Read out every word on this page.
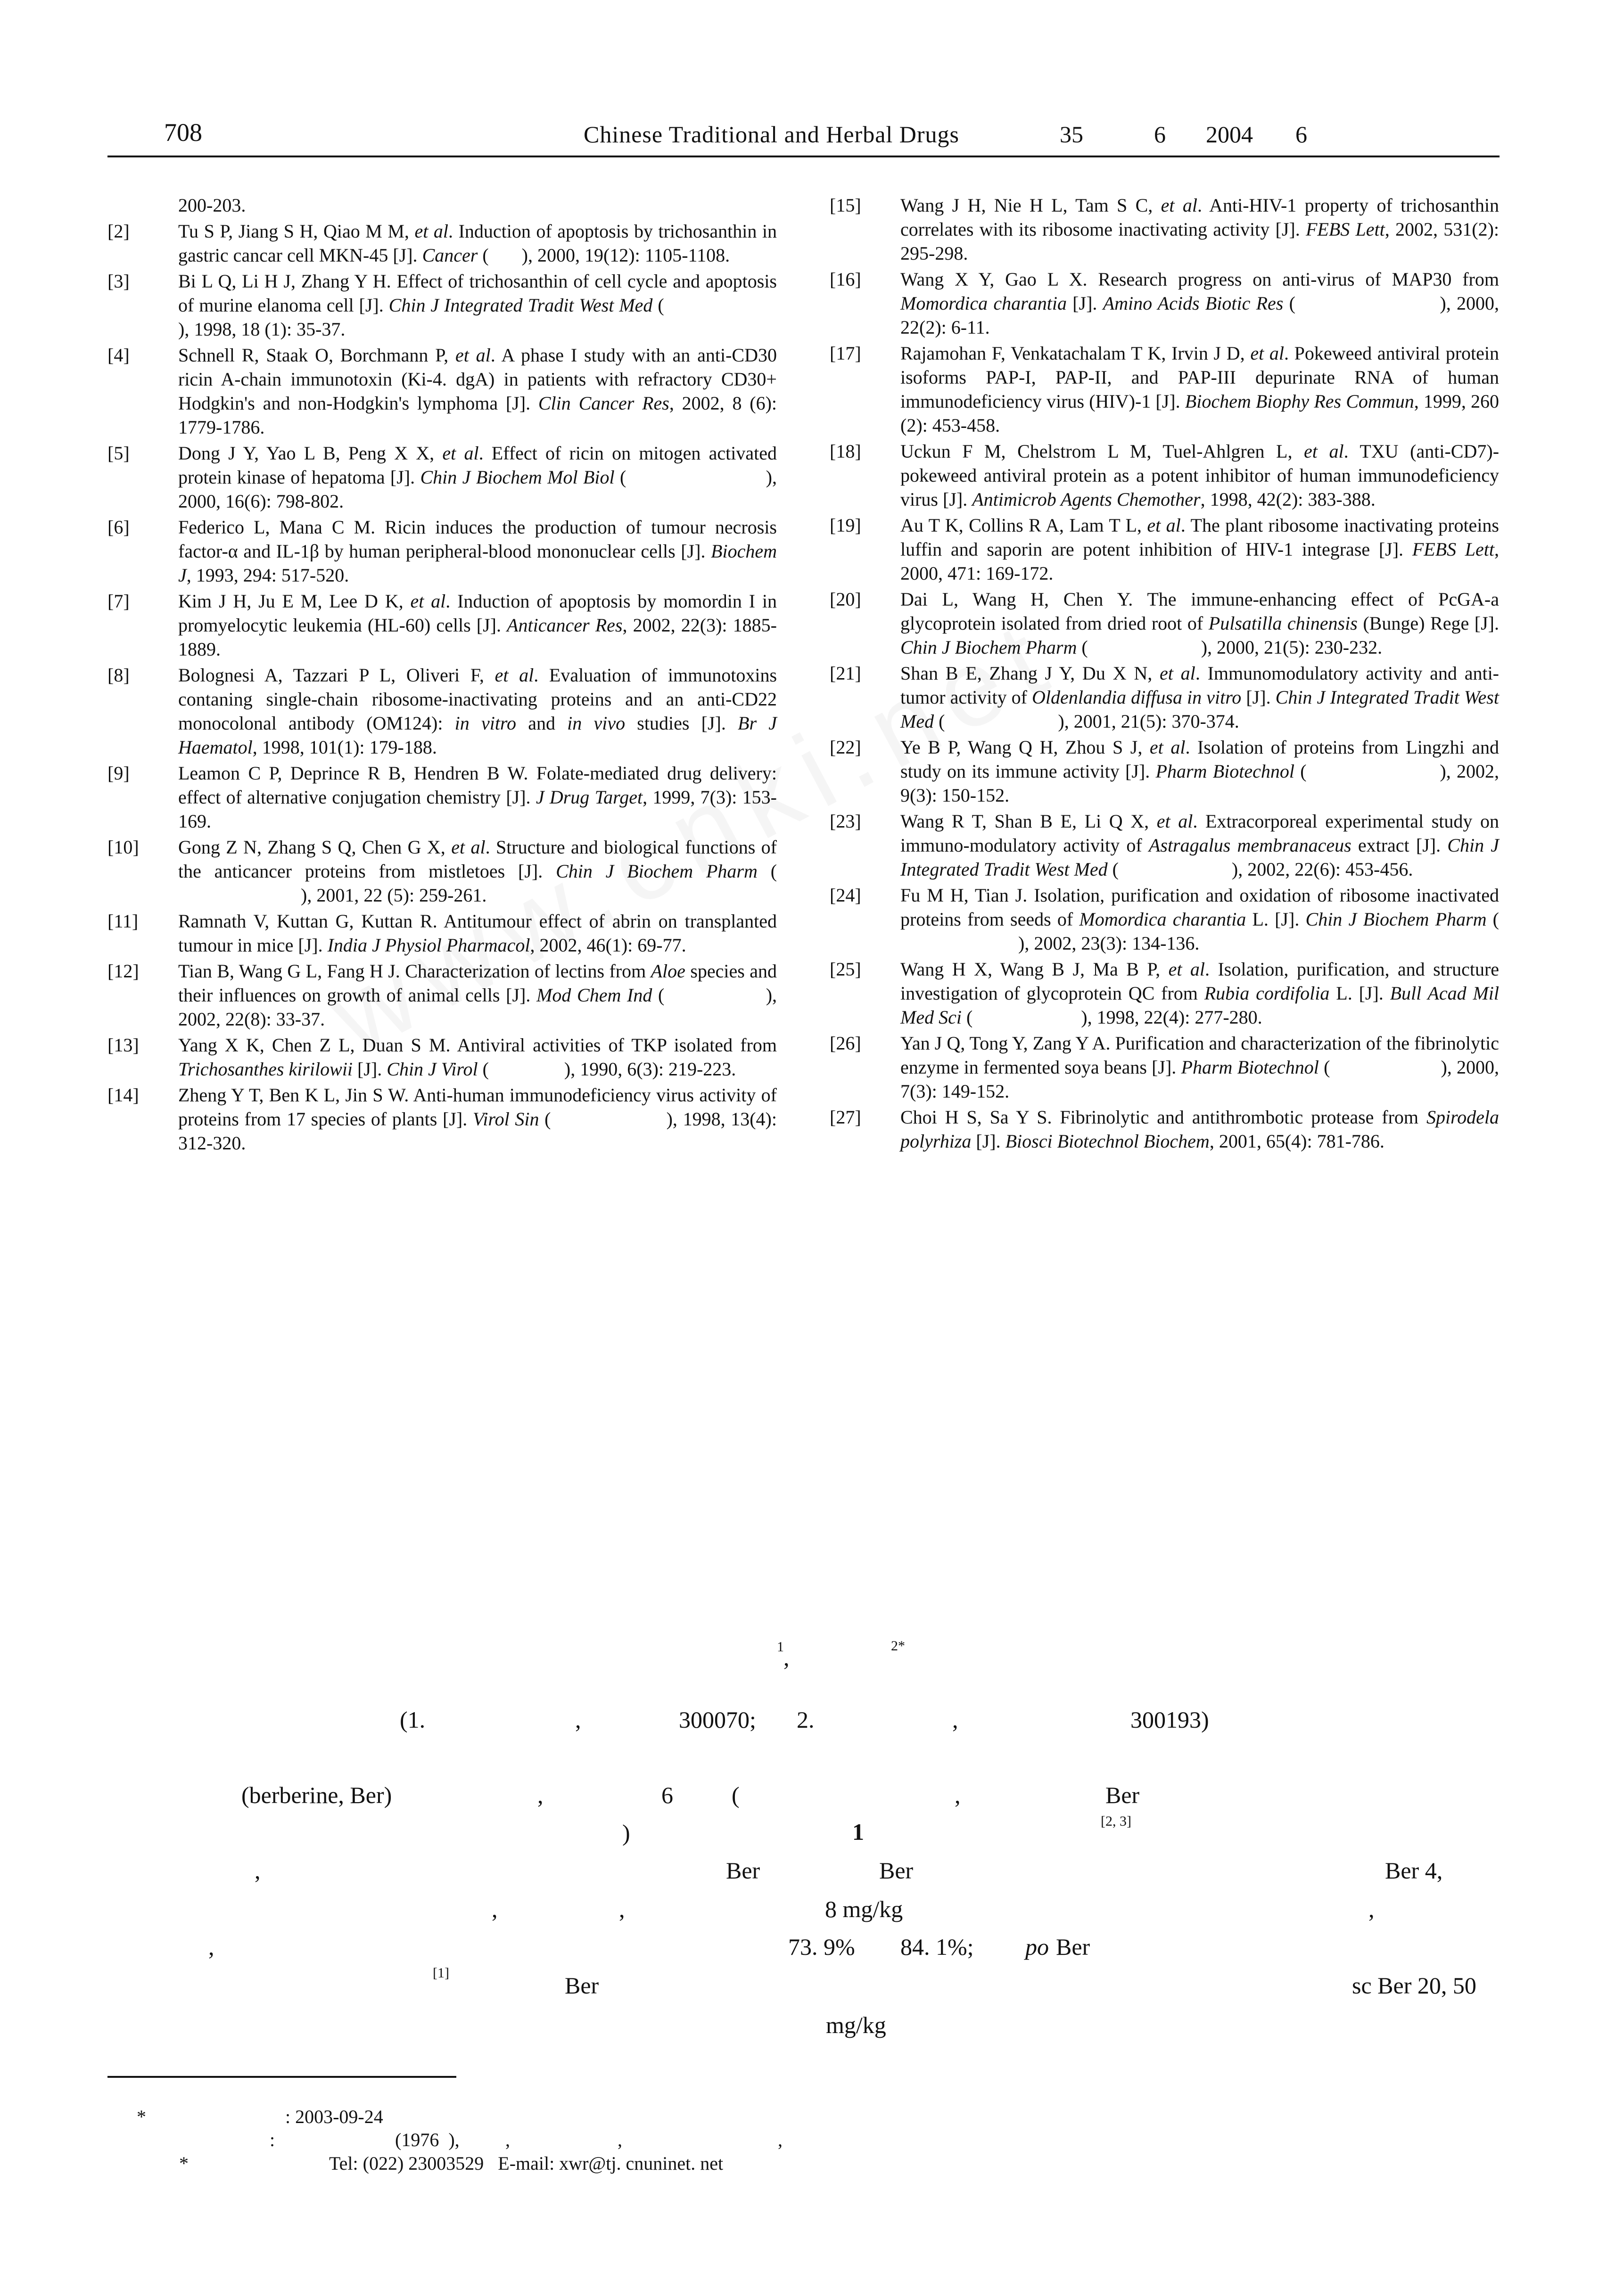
708	Chinese Traditional and Herbal Drugs	35	6 2004 6
200-203.
[2]	Tu S P, Jiang S H, Qiao M M, et al. Induction of apoptosis by trichosanthin in gastric cancar cell MKN-45 [J]. Cancer (       ), 2000, 19(12): 1105-1108.
[3]	Bi L Q, Li H J, Zhang Y H. Effect of trichosanthin of cell cycle and apoptosis of murine elanoma cell [J]. Chin J Integrated Tradit West Med (                       ), 1998, 18 (1): 35-37.
[4]	Schnell R, Staak O, Borchmann P, et al. A phase I study with an anti-CD30 ricin A-chain immunotoxin (Ki-4. dgA) in patients with refractory CD30+ Hodgkin's and non-Hodgkin's lymphoma [J]. Clin Cancer Res, 2002, 8 (6): 1779-1786.
[5]	Dong J Y, Yao L B, Peng X X, et al. Effect of ricin on mitogen activated protein kinase of hepatoma [J]. Chin J Biochem Mol Biol (                          ), 2000, 16(6): 798-802.
[6]	Federico L, Mana C M. Ricin induces the production of tumour necrosis factor-α and IL-1β by human peripheral-blood mononuclear cells [J]. Biochem J, 1993, 294: 517-520.
[7]	Kim J H, Ju E M, Lee D K, et al. Induction of apoptosis by momordin I in promyelocytic leukemia (HL-60) cells [J]. Anticancer Res, 2002, 22(3): 1885-1889.
[8]	Bolognesi A, Tazzari P L, Oliveri F, et al. Evaluation of immunotoxins contaning single-chain ribosome-inactivating proteins and an anti-CD22 monocolonal antibody (OM124): in vitro and in vivo studies [J]. Br J Haematol, 1998, 101(1): 179-188.
[9]	Leamon C P, Deprince R B, Hendren B W. Folate-mediated drug delivery: effect of alternative conjugation chemistry [J]. J Drug Target, 1999, 7(3): 153-169.
[10]	Gong Z N, Zhang S Q, Chen G X, et al. Structure and biological functions of the anticancer proteins from mistletoes [J]. Chin J Biochem Pharm (                           ), 2001, 22 (5): 259-261.
[11]	Ramnath V, Kuttan G, Kuttan R. Antitumour effect of abrin on transplanted tumour in mice [J]. India J Physiol Pharmacol, 2002, 46(1): 69-77.
[12]	Tian B, Wang G L, Fang H J. Characterization of lectins from Aloe species and their influences on growth of animal cells [J]. Mod Chem Ind (                 ), 2002, 22(8): 33-37.
[13]	Yang X K, Chen Z L, Duan S M. Antiviral activities of TKP isolated from Trichosanthes kirilowii [J]. Chin J Virol (                ), 1990, 6(3): 219-223.
[14]	Zheng Y T, Ben K L, Jin S W. Anti-human immunodeficiency virus activity of proteins from 17 species of plants [J]. Virol Sin (                     ), 1998, 13(4): 312-320.
[15]	Wang J H, Nie H L, Tam S C, et al. Anti-HIV-1 property of trichosanthin correlates with its ribosome inactivating activity [J]. FEBS Lett, 2002, 531(2): 295-298.
[16]	Wang X Y, Gao L X. Research progress on anti-virus of MAP30 from Momordica charantia [J]. Amino Acids Biotic Res (                         ), 2000, 22(2): 6-11.
[17]	Rajamohan F, Venkatachalam T K, Irvin J D, et al. Pokeweed antiviral protein isoforms PAP-I, PAP-II, and PAP-III depurinate RNA of human immunodeficiency virus (HIV)-1 [J]. Biochem Biophy Res Commun, 1999, 260 (2): 453-458.
[18]	Uckun F M, Chelstrom L M, Tuel-Ahlgren L, et al. TXU (anti-CD7)-pokeweed antiviral protein as a potent inhibitor of human immunodeficiency virus [J]. Antimicrob Agents Chemother, 1998, 42(2): 383-388.
[19]	Au T K, Collins R A, Lam T L, et al. The plant ribosome inactivating proteins luffin and saporin are potent inhibition of HIV-1 integrase [J]. FEBS Lett, 2000, 471: 169-172.
[20]	Dai L, Wang H, Chen Y. The immune-enhancing effect of PcGA-a glycoprotein isolated from dried root of Pulsatilla chinensis (Bunge) Rege [J]. Chin J Biochem Pharm (                        ), 2000, 21(5): 230-232.
[21]	Shan B E, Zhang J Y, Du X N, et al. Immunomodulatory activity and anti-tumor activity of Oldenlandia diffusa in vitro [J]. Chin J Integrated Tradit West Med (                        ), 2001, 21(5): 370-374.
[22]	Ye B P, Wang Q H, Zhou S J, et al. Isolation of proteins from Lingzhi and study on its immune activity [J]. Pharm Biotechnol (                       ), 2002, 9(3): 150-152.
[23]	Wang R T, Shan B E, Li Q X, et al. Extracorporeal experimental study on immuno-modulatory activity of Astragalus membranaceus extract [J]. Chin J Integrated Tradit West Med (                        ), 2002, 22(6): 453-456.
[24]	Fu M H, Tian J. Isolation, purification and oxidation of ribosome inactivated proteins from seeds of Momordica charantia L. [J]. Chin J Biochem Pharm (                          ), 2002, 23(3): 134-136.
[25]	Wang H X, Wang B J, Ma B P, et al. Isolation, purification, and structure investigation of glycoprotein QC from Rubia cordifolia L. [J]. Bull Acad Mil Med Sci (                       ), 1998, 22(4): 277-280.
[26]	Yan J Q, Tong Y, Zang Y A. Purification and characterization of the fibrinolytic enzyme in fermented soya beans [J]. Pharm Biotechnol (                       ), 2000, 7(3): 149-152.
[27]	Choi H S, Sa Y S. Fibrinolytic and antithrombotic protease from Spirodela polyrhiza [J]. Biosci Biotechnol Biochem, 2001, 65(4): 781-786.
1 ,	2*
(1.	,	300070; 2.	,	300193)
(berberine, Ber)	,	6 (	,	Ber
)	1	[2, 3]
,	Ber	Ber	Ber 4,
,	,	8 mg/kg	,
,	73. 9% 84. 1%; po Ber
[1]	Ber	sc Ber 20, 50
mg/kg
*	: 2003-09-24
:	(1976  ), ,	,	,
*	Tel: (022) 23003529   E-mail: xwr@tj. cnuninet. net
